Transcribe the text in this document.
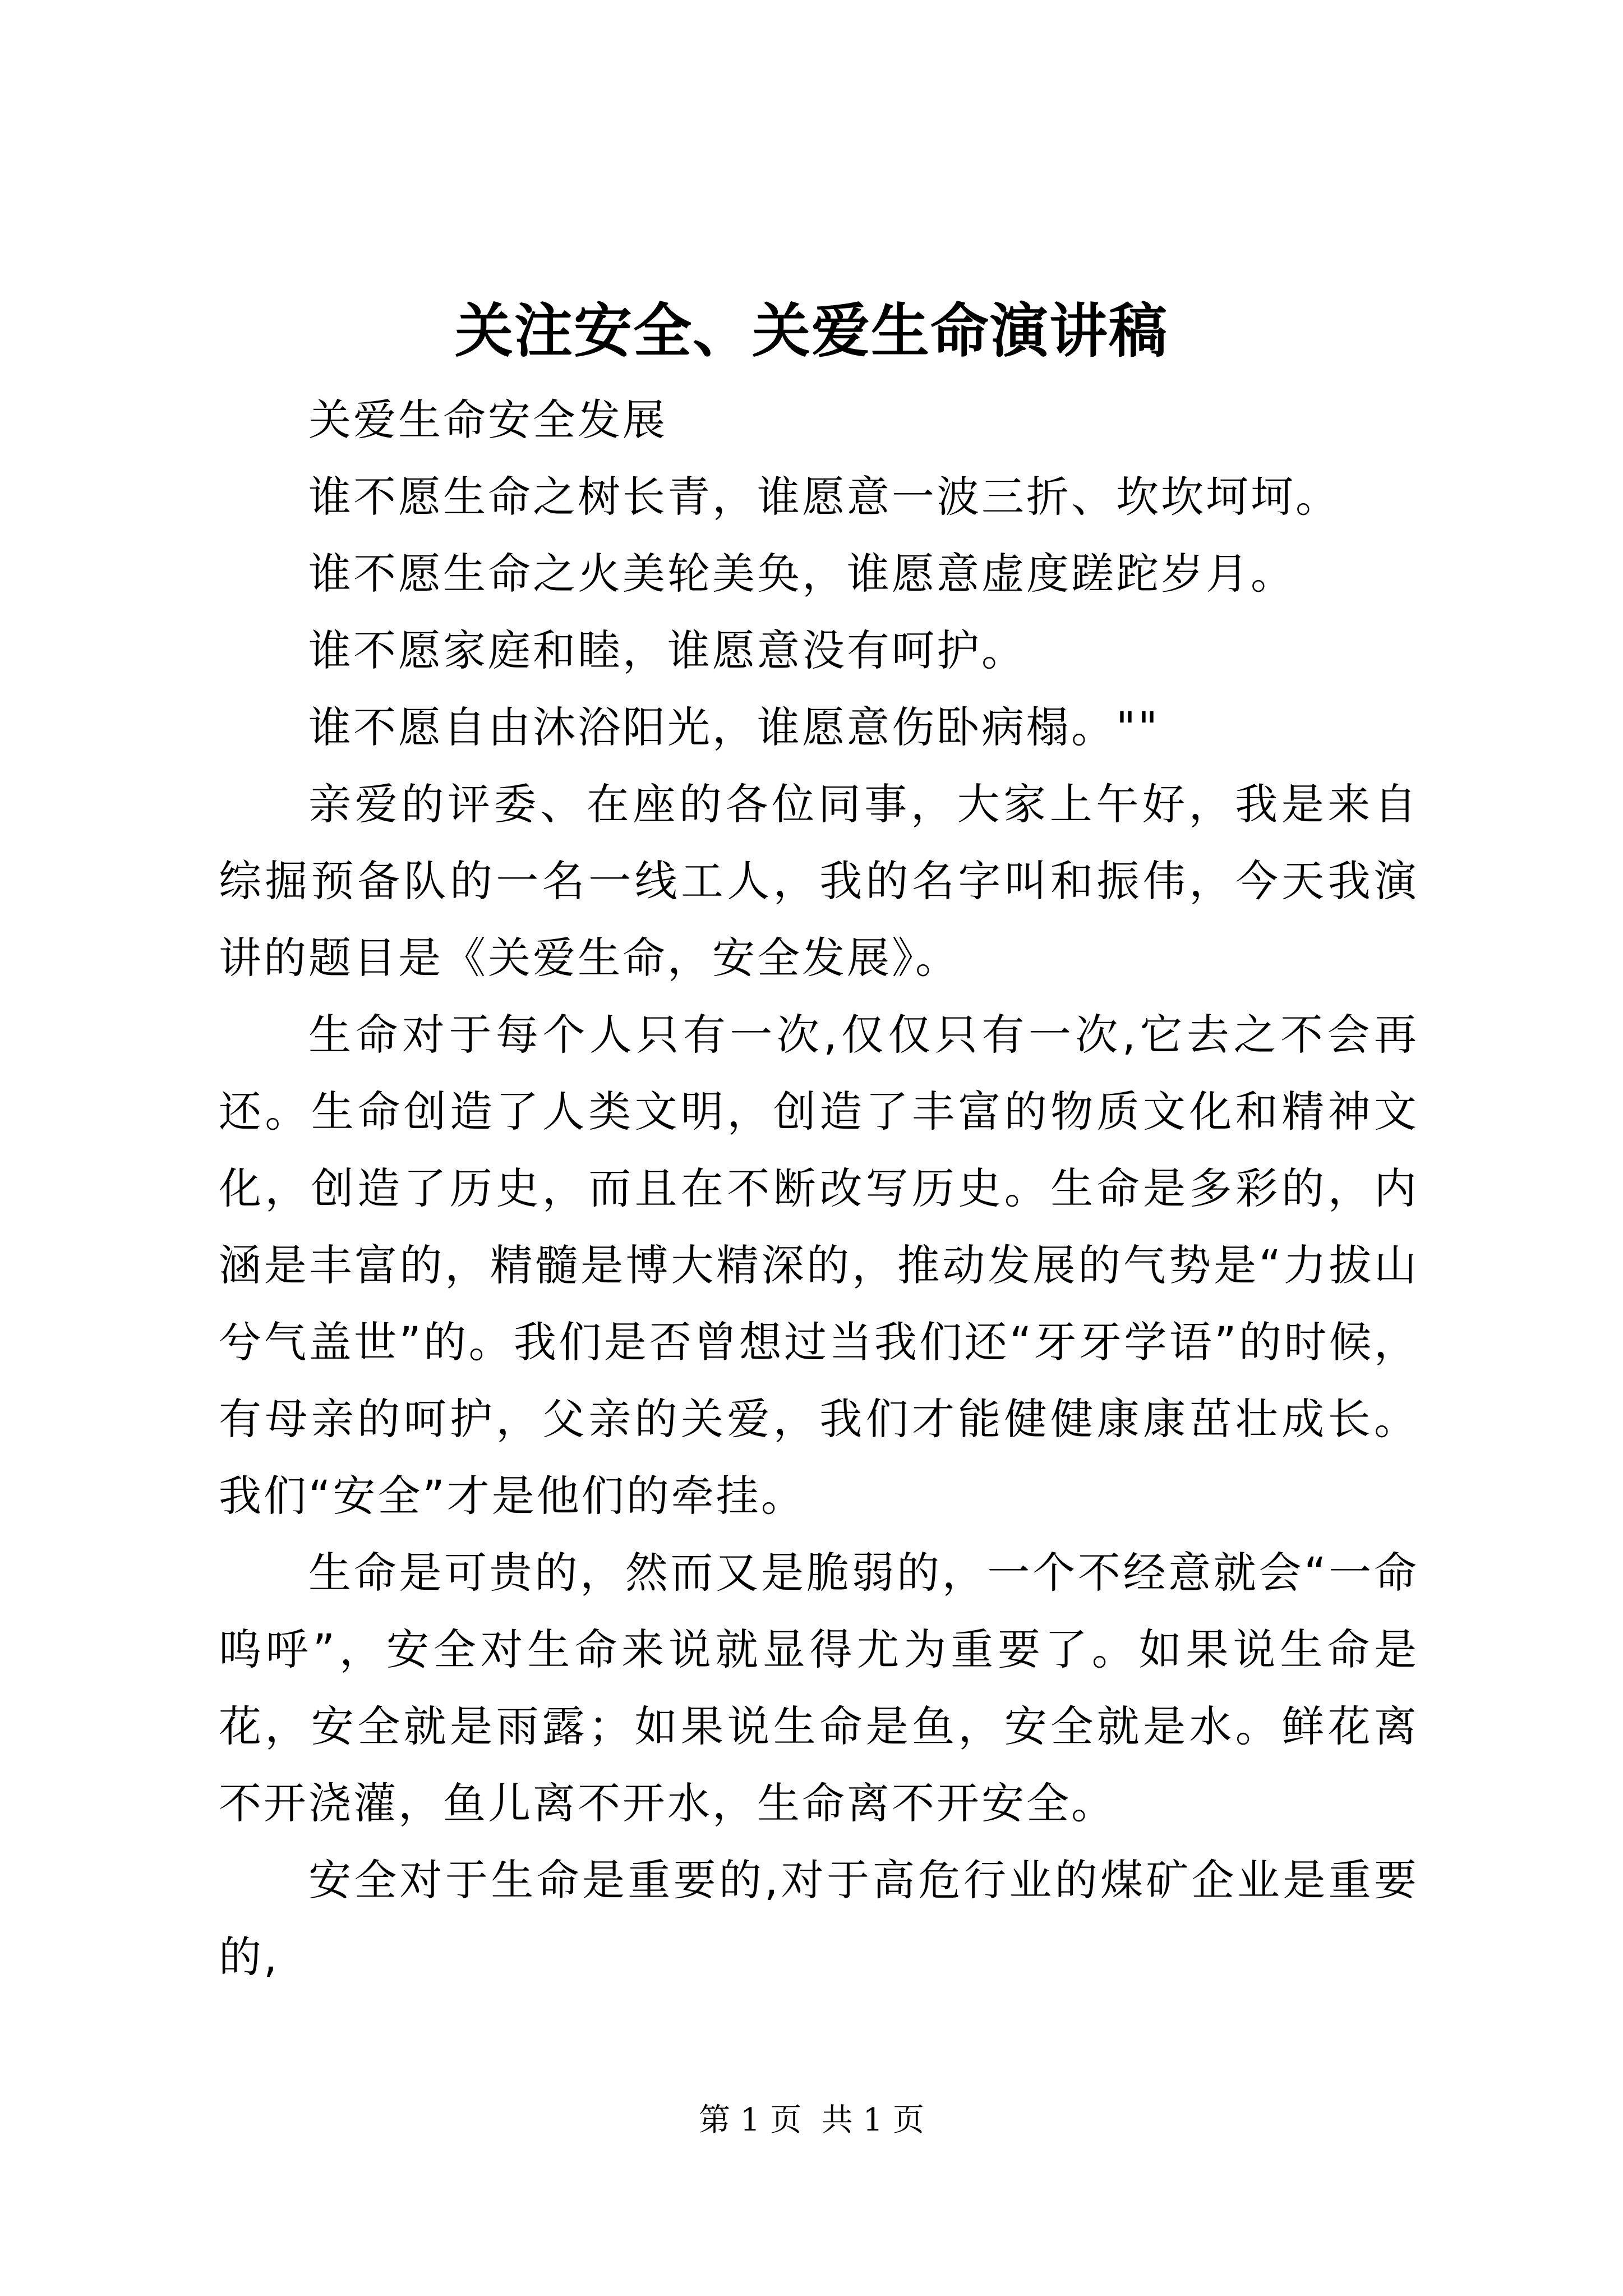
关注安全、关爱生命演讲稿

关爱生命安全发展

谁不愿生命之树长青，谁愿意一波三折、坎坎坷坷。

谁不愿生命之火美轮美奂，谁愿意虚度蹉跎岁月。

谁不愿家庭和睦，谁愿意没有呵护。

谁不愿自由沐浴阳光，谁愿意伤卧病榻。""

亲爱的评委、在座的各位同事，大家上午好，我是来自综掘预备队的一名一线工人，我的名字叫和振伟，今天我演讲的题目是《关爱生命，安全发展》。

生命对于每个人只有一次,仅仅只有一次,它去之不会再还。生命创造了人类文明，创造了丰富的物质文化和精神文化，创造了历史，而且在不断改写历史。生命是多彩的，内涵是丰富的，精髓是博大精深的，推动发展的气势是“力拔山兮气盖世”的。我们是否曾想过当我们还“牙牙学语”的时候，有母亲的呵护，父亲的关爱，我们才能健健康康茁壮成长。我们“安全”才是他们的牵挂。

生命是可贵的，然而又是脆弱的，一个不经意就会“一命呜呼”，安全对生命来说就显得尤为重要了。如果说生命是花，安全就是雨露；如果说生命是鱼，安全就是水。鲜花离不开浇灌，鱼儿离不开水，生命离不开安全。

安全对于生命是重要的,对于高危行业的煤矿企业是重要的,

第 1 页  共 1 页
